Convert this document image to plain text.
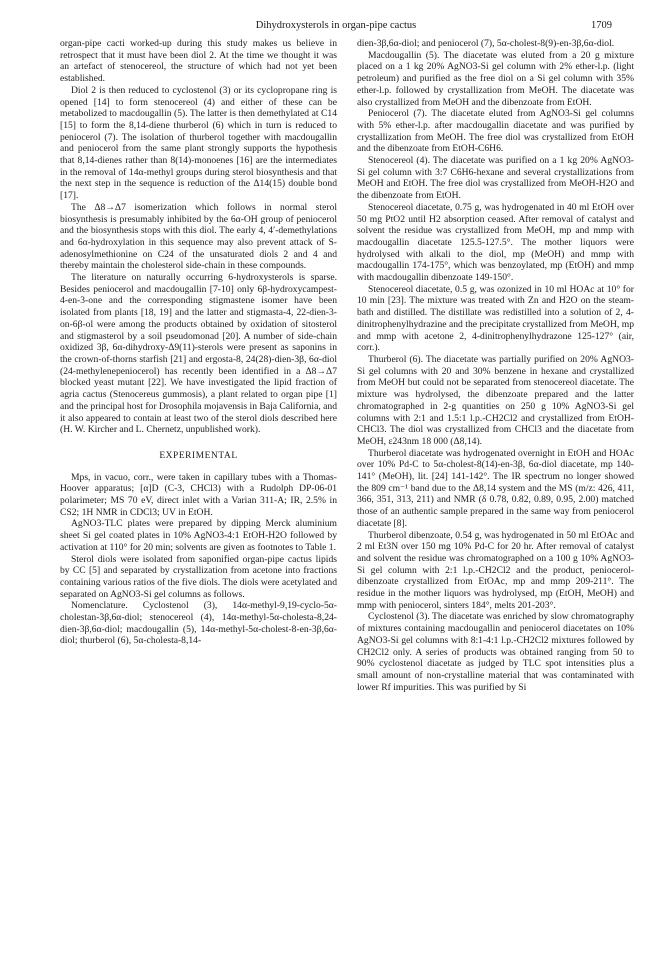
Dihydroxysterols in organ-pipe cactus	1709

organ-pipe cacti worked-up during this study makes us believe in retrospect that it must have been diol 2. At the time we thought it was an artefact of stenocereol, the structure of which had not yet been established.

Diol 2 is then reduced to cyclostenol (3) or its cyclopropane ring is opened [14] to form stenocereol (4) and either of these can be metabolized to macdougallin (5). The latter is then demethylated at C14 [15] to form the 8,14-diene thurberol (6) which in turn is reduced to peniocerol (7). The isolation of thurberol together with macdougallin and peniocerol from the same plant strongly supports the hypothesis that 8,14-dienes rather than 8(14)-monoenes [16] are the intermediates in the removal of 14α-methyl groups during sterol biosynthesis and that the next step in the sequence is reduction of the Δ14(15) double bond [17].

The Δ8→Δ7 isomerization which follows in normal sterol biosynthesis is presumably inhibited by the 6α-OH group of peniocerol and the biosynthesis stops with this diol. The early 4, 4′-demethylations and 6α-hydroxylation in this sequence may also prevent attack of S-adenosylmethionine on C24 of the unsaturated diols 2 and 4 and thereby maintain the cholesterol side-chain in these compounds.

The literature on naturally occurring 6-hydroxysterols is sparse. Besides peniocerol and macdougallin [7-10] only 6β-hydroxycampest-4-en-3-one and the corresponding stigmastene isomer have been isolated from plants [18, 19] and the latter and stigmasta-4, 22-dien-3-on-6β-ol were among the products obtained by oxidation of sitosterol and stigmasterol by a soil pseudomonad [20]. A number of side-chain oxidized 3β, 6α-dihydroxy-Δ9(11)-sterols were present as saponins in the crown-of-thorns starfish [21] and ergosta-8, 24(28)-dien-3β, 6α-diol (24-methylenepeniocerol) has recently been identified in a Δ8→Δ7 blocked yeast mutant [22]. We have investigated the lipid fraction of agria cactus (Stenocereus gummosis), a plant related to organ pipe [1] and the principal host for Drosophila mojavensis in Baja California, and it also appeared to contain at least two of the sterol diols described here (H. W. Kircher and L. Chernetz, unpublished work).

EXPERIMENTAL

Mps, in vacuo, corr., were taken in capillary tubes with a Thomas-Hoover apparatus; [α]D (C-3, CHCl3) with a Rudolph DP-06-01 polarimeter; MS 70 eV, direct inlet with a Varian 311-A; IR, 2.5% in CS2; 1H NMR in CDCl3; UV in EtOH.

AgNO3-TLC plates were prepared by dipping Merck aluminium sheet Si gel coated plates in 10% AgNO3-4:1 EtOH-H2O followed by activation at 110° for 20 min; solvents are given as footnotes to Table 1.

Sterol diols were isolated from saponified organ-pipe cactus lipids by CC [5] and separated by crystallization from acetone into fractions containing various ratios of the five diols. The diols were acetylated and separated on AgNO3-Si gel columns as follows.

Nomenclature. Cyclostenol (3), 14α-methyl-9,19-cyclo-5α-cholestan-3β,6α-diol; stenocereol (4), 14α-methyl-5α-cholesta-8,24-dien-3β,6α-diol; macdougallin (5), 14α-methyl-5α-cholest-8-en-3β,6α-diol; thurberol (6), 5α-cholesta-8,14-

dien-3β,6α-diol; and peniocerol (7), 5α-cholest-8(9)-en-3β,6α-diol.

Macdougallin (5). The diacetate was eluted from a 20 g mixture placed on a 1 kg 20% AgNO3-Si gel column with 2% ether-l.p. (light petroleum) and purified as the free diol on a Si gel column with 35% ether-l.p. followed by crystallization from MeOH. The diacetate was also crystallized from MeOH and the dibenzoate from EtOH.

Peniocerol (7). The diacetate eluted from AgNO3-Si gel columns with 5% ether-l.p. after macdougallin diacetate and was purified by crystallization from MeOH. The free diol was crystallized from EtOH and the dibenzoate from EtOH-C6H6.

Stenocereol (4). The diacetate was purified on a 1 kg 20% AgNO3-Si gel column with 3:7 C6H6-hexane and several crystallizations from MeOH and EtOH. The free diol was crystallized from MeOH-H2O and the dibenzoate from EtOH.

Stenocereol diacetate, 0.75 g, was hydrogenated in 40 ml EtOH over 50 mg PtO2 until H2 absorption ceased. After removal of catalyst and solvent the residue was crystallized from MeOH, mp and mmp with macdougallin diacetate 125.5-127.5°. The mother liquors were hydrolysed with alkali to the diol, mp (MeOH) and mmp with macdougallin 174-175°, which was benzoylated, mp (EtOH) and mmp with macdougallin dibenzoate 149-150°.

Stenocereol diacetate, 0.5 g, was ozonized in 10 ml HOAc at 10° for 10 min [23]. The mixture was treated with Zn and H2O on the steam-bath and distilled. The distillate was redistilled into a solution of 2, 4-dinitrophenylhydrazine and the precipitate crystallized from MeOH, mp and mmp with acetone 2, 4-dinitrophenylhydrazone 125-127° (air, corr.).

Thurberol (6). The diacetate was partially purified on 20% AgNO3-Si gel columns with 20 and 30% benzene in hexane and crystallized from MeOH but could not be separated from stenocereol diacetate. The mixture was hydrolysed, the dibenzoate prepared and the latter chromatographed in 2-g quantities on 250 g 10% AgNO3-Si gel columns with 2:1 and 1.5:1 l.p.-CH2Cl2 and crystallized from EtOH-CHCl3. The diol was crystallized from CHCl3 and the diacetate from MeOH, ε243nm 18 000 (Δ8,14).

Thurberol diacetate was hydrogenated overnight in EtOH and HOAc over 10% Pd-C to 5α-cholest-8(14)-en-3β, 6α-diol diacetate, mp 140-141° (MeOH), lit. [24] 141-142°. The IR spectrum no longer showed the 809 cm⁻¹ band due to the Δ8,14 system and the MS (m/z: 426, 411, 366, 351, 313, 211) and NMR (δ 0.78, 0.82, 0.89, 0.95, 2.00) matched those of an authentic sample prepared in the same way from peniocerol diacetate [8].

Thurberol dibenzoate, 0.54 g, was hydrogenated in 50 ml EtOAc and 2 ml Et3N over 150 mg 10% Pd-C for 20 hr. After removal of catalyst and solvent the residue was chromatographed on a 100 g 10% AgNO3-Si gel column with 2:1 l.p.-CH2Cl2 and the product, peniocerol-dibenzoate crystallized from EtOAc, mp and mmp 209-211°. The residue in the mother liquors was hydrolysed, mp (EtOH, MeOH) and mmp with peniocerol, sinters 184°, melts 201-203°.

Cyclostenol (3). The diacetate was enriched by slow chromatography of mixtures containing macdougallin and peniocerol diacetates on 10% AgNO3-Si gel columns with 8:1-4:1 l.p.-CH2Cl2 mixtures followed by CH2Cl2 only. A series of products was obtained ranging from 50 to 90% cyclostenol diacetate as judged by TLC spot intensities plus a small amount of non-crystalline material that was contaminated with lower Rf impurities. This was purified by Si
